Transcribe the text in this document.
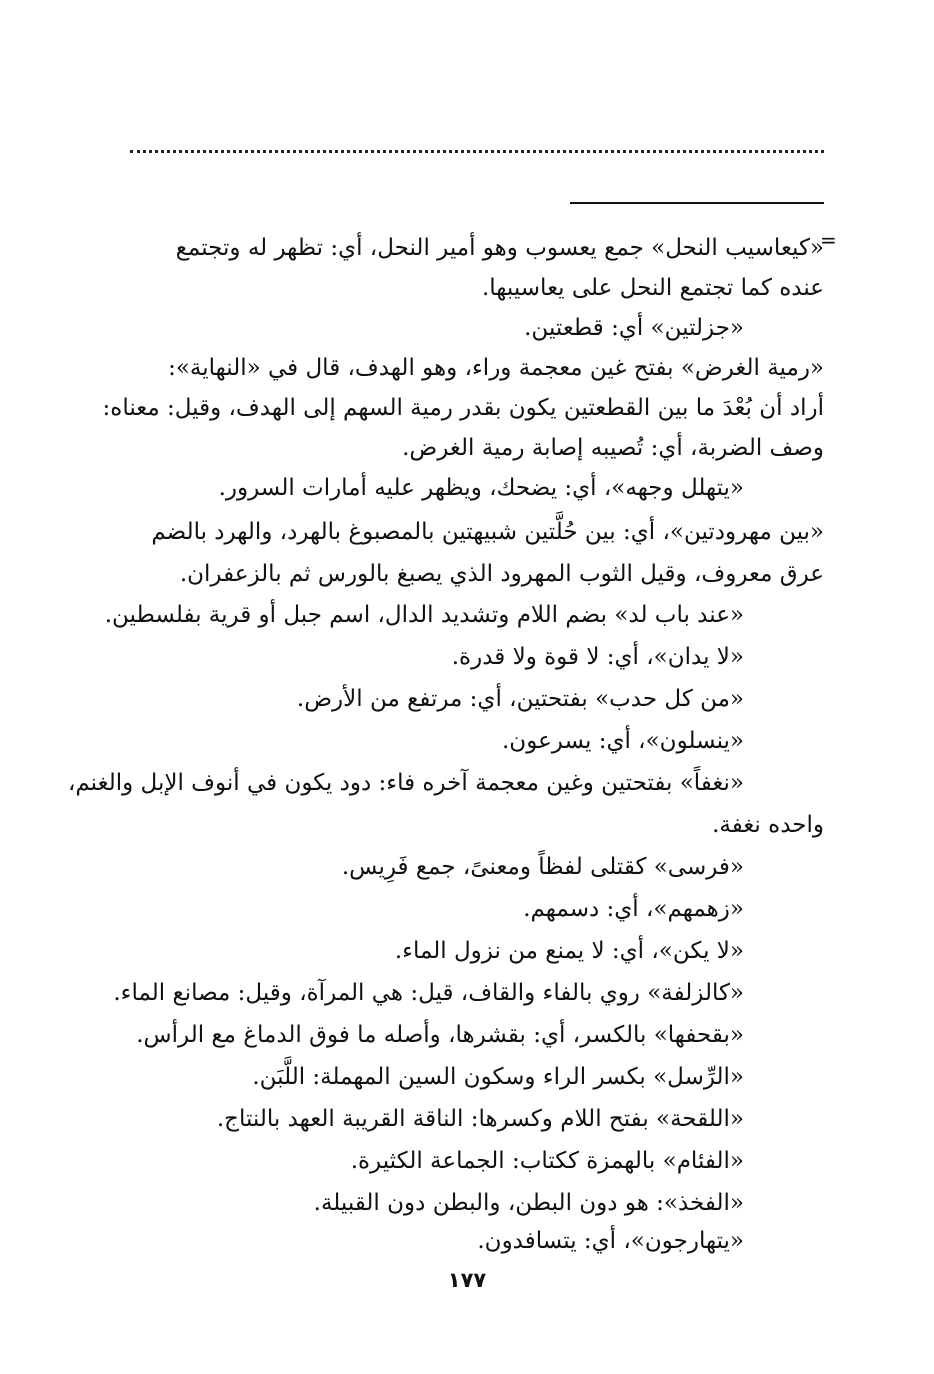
=
«كيعاسيب النحل» جمع يعسوب وهو أمير النحل، أي: تظهر له وتجتمع
عنده كما تجتمع النحل على يعاسيبها.
«جزلتين» أي: قطعتين.
«رمية الغرض» بفتح غين معجمة وراء، وهو الهدف، قال في «النهاية»:
أراد أن بُعْدَ ما بين القطعتين يكون بقدر رمية السهم إلى الهدف، وقيل: معناه:
وصف الضربة، أي: تُصيبه إصابة رمية الغرض.
«يتهلل وجهه»، أي: يضحك، ويظهر عليه أمارات السرور.
«بين مهرودتين»، أي: بين حُلَّتين شبيهتين بالمصبوغ بالهرد، والهرد بالضم
عرق معروف، وقيل الثوب المهرود الذي يصبغ بالورس ثم بالزعفران.
«عند باب لد» بضم اللام وتشديد الدال، اسم جبل أو قرية بفلسطين.
«لا يدان»، أي: لا قوة ولا قدرة.
«من كل حدب» بفتحتين، أي: مرتفع من الأرض.
«ينسلون»، أي: يسرعون.
«نغفاً» بفتحتين وغين معجمة آخره فاء: دود يكون في أنوف الإبل والغنم،
واحده نغفة.
«فرسى» كقتلى لفظاً ومعنىً، جمع فَرِيس.
«زهمهم»، أي: دسمهم.
«لا يكن»، أي: لا يمنع من نزول الماء.
«كالزلفة» روي بالفاء والقاف، قيل: هي المرآة، وقيل: مصانع الماء.
«بقحفها» بالكسر، أي: بقشرها، وأصله ما فوق الدماغ مع الرأس.
«الرِّسل» بكسر الراء وسكون السين المهملة: اللَّبَن.
«اللقحة» بفتح اللام وكسرها: الناقة القريبة العهد بالنتاج.
«الفئام» بالهمزة ككتاب: الجماعة الكثيرة.
«الفخذ»: هو دون البطن، والبطن دون القبيلة.
«يتهارجون»، أي: يتسافدون.
١٧٧
